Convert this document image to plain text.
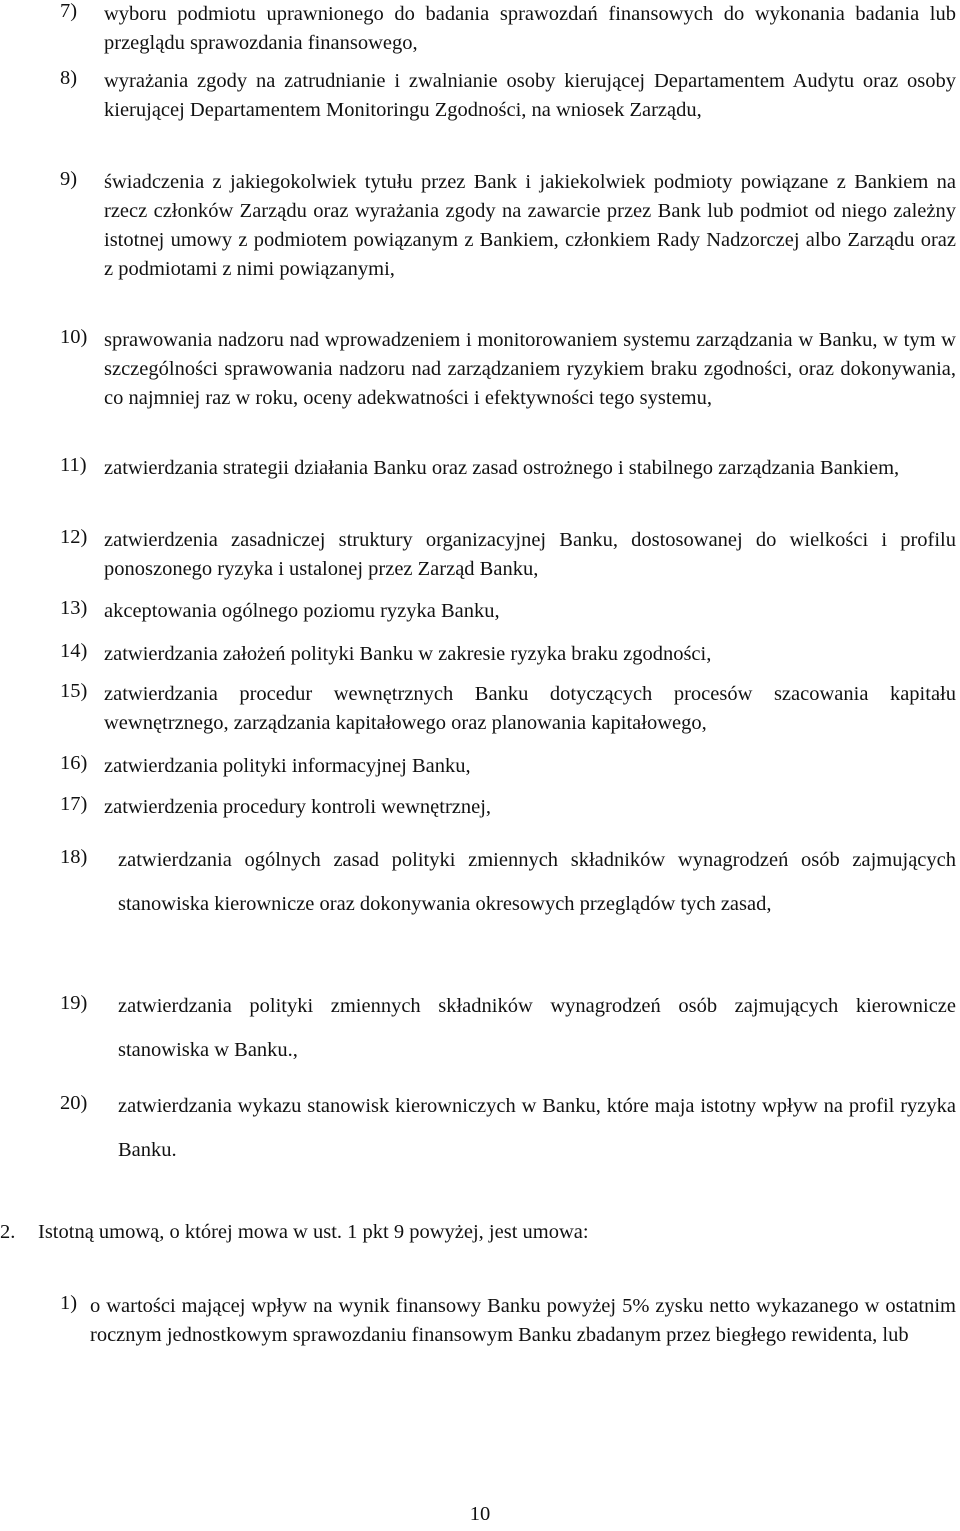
7) wyboru podmiotu uprawnionego do badania sprawozdań finansowych do wykonania badania lub przeglądu sprawozdania finansowego,
8) wyrażania zgody na zatrudnianie i zwalnianie osoby kierującej Departamentem Audytu oraz osoby kierującej Departamentem Monitoringu Zgodności, na wniosek Zarządu,
9) świadczenia z jakiegokolwiek tytułu przez Bank i jakiekolwiek podmioty powiązane z Bankiem na rzecz członków Zarządu oraz wyrażania zgody na zawarcie przez Bank lub podmiot od niego zależny istotnej umowy z podmiotem powiązanym z Bankiem, członkiem Rady Nadzorczej albo Zarządu oraz z podmiotami z nimi powiązanymi,
10) sprawowania nadzoru nad wprowadzeniem i monitorowaniem systemu zarządzania w Banku, w tym w szczególności sprawowania nadzoru nad zarządzaniem ryzykiem braku zgodności, oraz dokonywania, co najmniej raz w roku, oceny adekwatności i efektywności tego systemu,
11) zatwierdzania strategii działania Banku oraz zasad ostrożnego i stabilnego zarządzania Bankiem,
12) zatwierdzenia zasadniczej struktury organizacyjnej Banku, dostosowanej do wielkości i profilu ponoszonego ryzyka i ustalonej przez Zarząd Banku,
13) akceptowania ogólnego poziomu ryzyka Banku,
14) zatwierdzania założeń polityki Banku w zakresie ryzyka braku zgodności,
15) zatwierdzania procedur wewnętrznych Banku dotyczących procesów szacowania kapitału wewnętrznego, zarządzania kapitałowego oraz planowania kapitałowego,
16) zatwierdzania polityki informacyjnej Banku,
17) zatwierdzenia procedury kontroli wewnętrznej,
18) zatwierdzania ogólnych zasad polityki zmiennych składników wynagrodzeń osób zajmujących stanowiska kierownicze oraz dokonywania okresowych przeglądów tych zasad,
19) zatwierdzania polityki zmiennych składników wynagrodzeń osób zajmujących kierownicze stanowiska w Banku.,
20) zatwierdzania wykazu stanowisk kierowniczych w Banku, które maja istotny wpływ na profil ryzyka Banku.
2. Istotną umową, o której mowa w ust. 1 pkt 9 powyżej, jest umowa:
1) o wartości mającej wpływ na wynik finansowy Banku powyżej 5% zysku netto wykazanego w ostatnim rocznym jednostkowym sprawozdaniu finansowym Banku zbadanym przez biegłego rewidenta, lub
10
